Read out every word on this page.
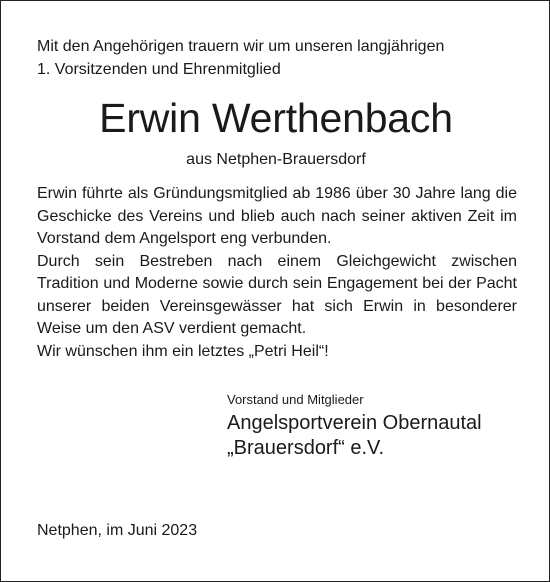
Mit den Angehörigen trauern wir um unseren langjährigen
1. Vorsitzenden und Ehrenmitglied
Erwin Werthenbach
aus Netphen-Brauersdorf

Erwin führte als Gründungsmitglied ab 1986 über 30 Jahre lang die Geschicke des Vereins und blieb auch nach seiner aktiven Zeit im Vorstand dem Angelsport eng verbunden.

Durch sein Bestreben nach einem Gleichgewicht zwischen Tradition und Moderne sowie durch sein Engagement bei der Pacht unserer beiden Vereinsgewässer hat sich Erwin in besonderer Weise um den ASV verdient gemacht.

Wir wünschen ihm ein letztes „Petri Heil“!

Vorstand und Mitglieder
Angelsportverein Obernautal
„Brauersdorf“ e.V.
Netphen, im Juni 2023
